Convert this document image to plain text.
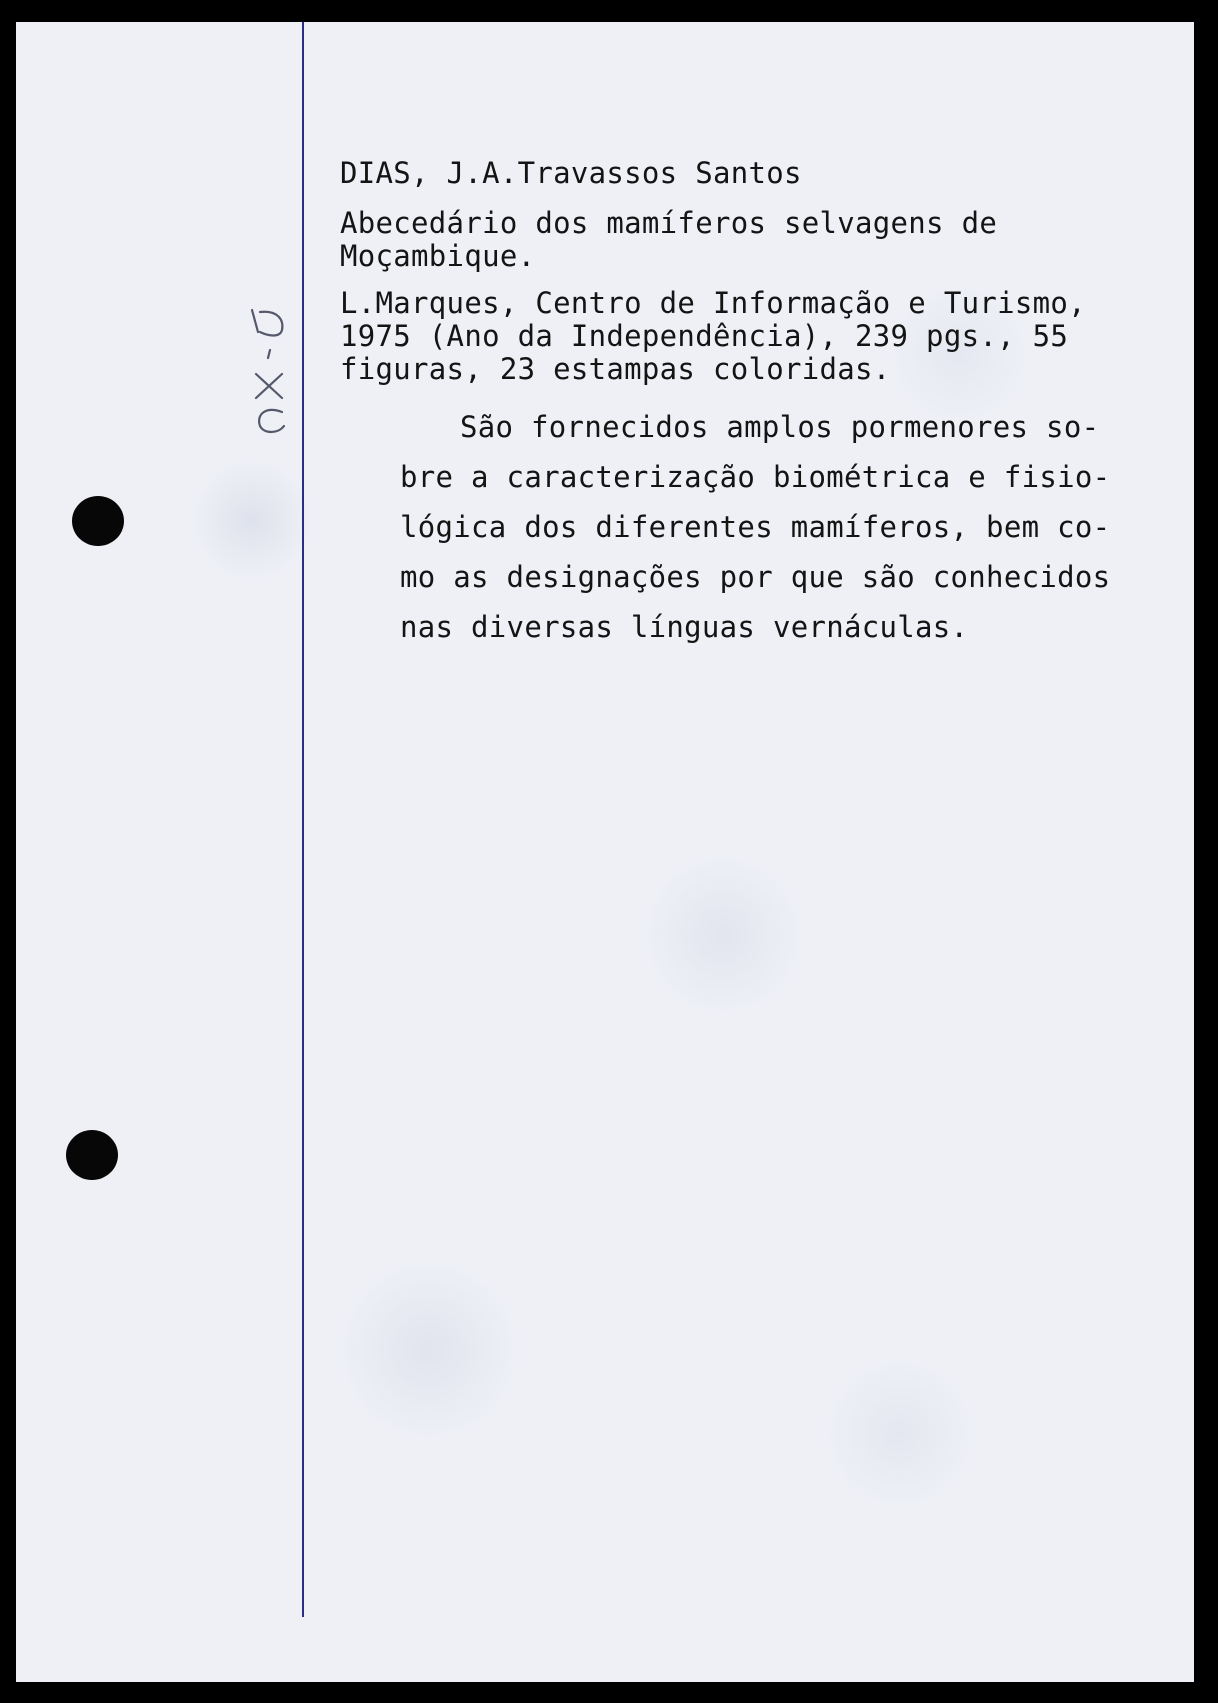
DIAS, J.A.Travassos Santos
Abecedário dos mamíferos selvagens de
Moçambique.
L.Marques, Centro de Informação e Turismo,
1975 (Ano da Independência), 239 pgs., 55
figuras, 23 estampas coloridas.
São fornecidos amplos pormenores so-
bre a caracterização biométrica e fisio-
lógica dos diferentes mamíferos, bem co-
mo as designações por que são conhecidos
nas diversas línguas vernáculas.
